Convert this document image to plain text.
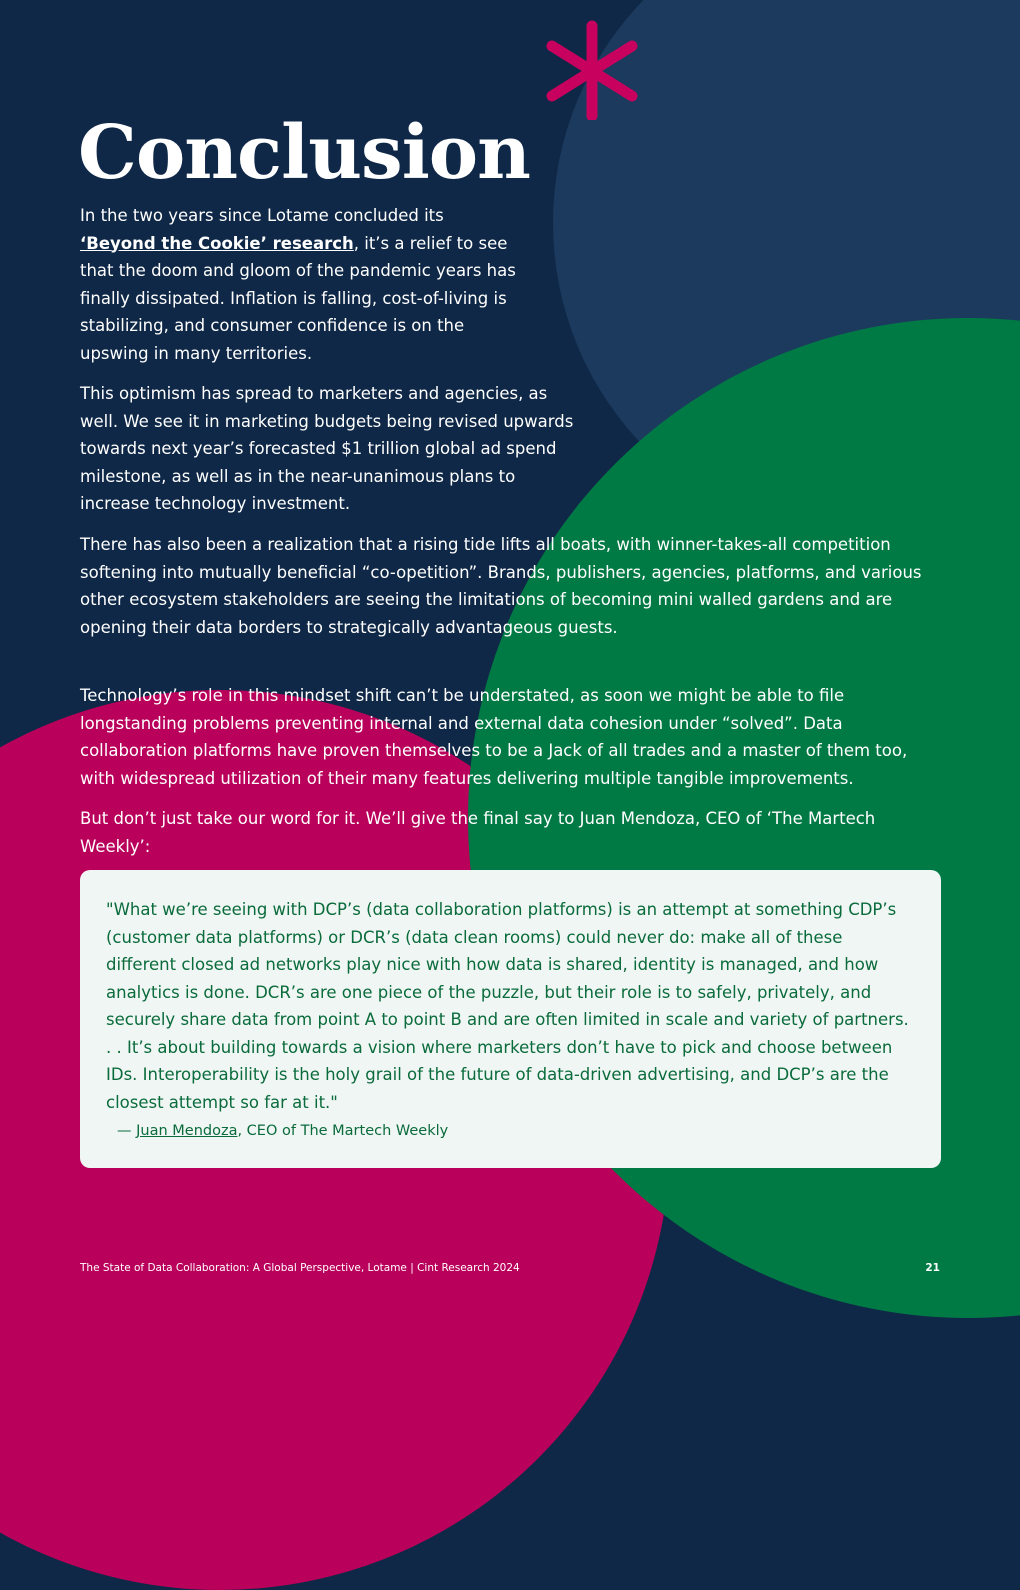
Conclusion

In the two years since Lotame concluded its ‘Beyond the Cookie’ research, it’s a relief to see that the doom and gloom of the pandemic years has finally dissipated. Inflation is falling, cost-of-living is stabilizing, and consumer confidence is on the upswing in many territories.

This optimism has spread to marketers and agencies, as well. We see it in marketing budgets being revised upwards towards next year’s forecasted $1 trillion global ad spend milestone, as well as in the near-unanimous plans to increase technology investment.

There has also been a realization that a rising tide lifts all boats, with winner-takes-all competition softening into mutually beneficial “co-opetition”. Brands, publishers, agencies, platforms, and various other ecosystem stakeholders are seeing the limitations of becoming mini walled gardens and are opening their data borders to strategically advantageous guests.

Technology’s role in this mindset shift can’t be understated, as soon we might be able to file longstanding problems preventing internal and external data cohesion under “solved”. Data collaboration platforms have proven themselves to be a Jack of all trades and a master of them too, with widespread utilization of their many features delivering multiple tangible improvements.

But don’t just take our word for it. We’ll give the final say to Juan Mendoza, CEO of ‘The Martech Weekly’:

"What we’re seeing with DCP’s (data collaboration platforms) is an attempt at something CDP’s (customer data platforms) or DCR’s (data clean rooms) could never do: make all of these different closed ad networks play nice with how data is shared, identity is managed, and how analytics is done. DCR’s are one piece of the puzzle, but their role is to safely, privately, and securely share data from point A to point B and are often limited in scale and variety of partners. . . It’s about building towards a vision where marketers don’t have to pick and choose between IDs. Interoperability is the holy grail of the future of data-driven advertising, and DCP’s are the closest attempt so far at it."

— Juan Mendoza, CEO of The Martech Weekly

The State of Data Collaboration: A Global Perspective, Lotame | Cint Research 2024	21
